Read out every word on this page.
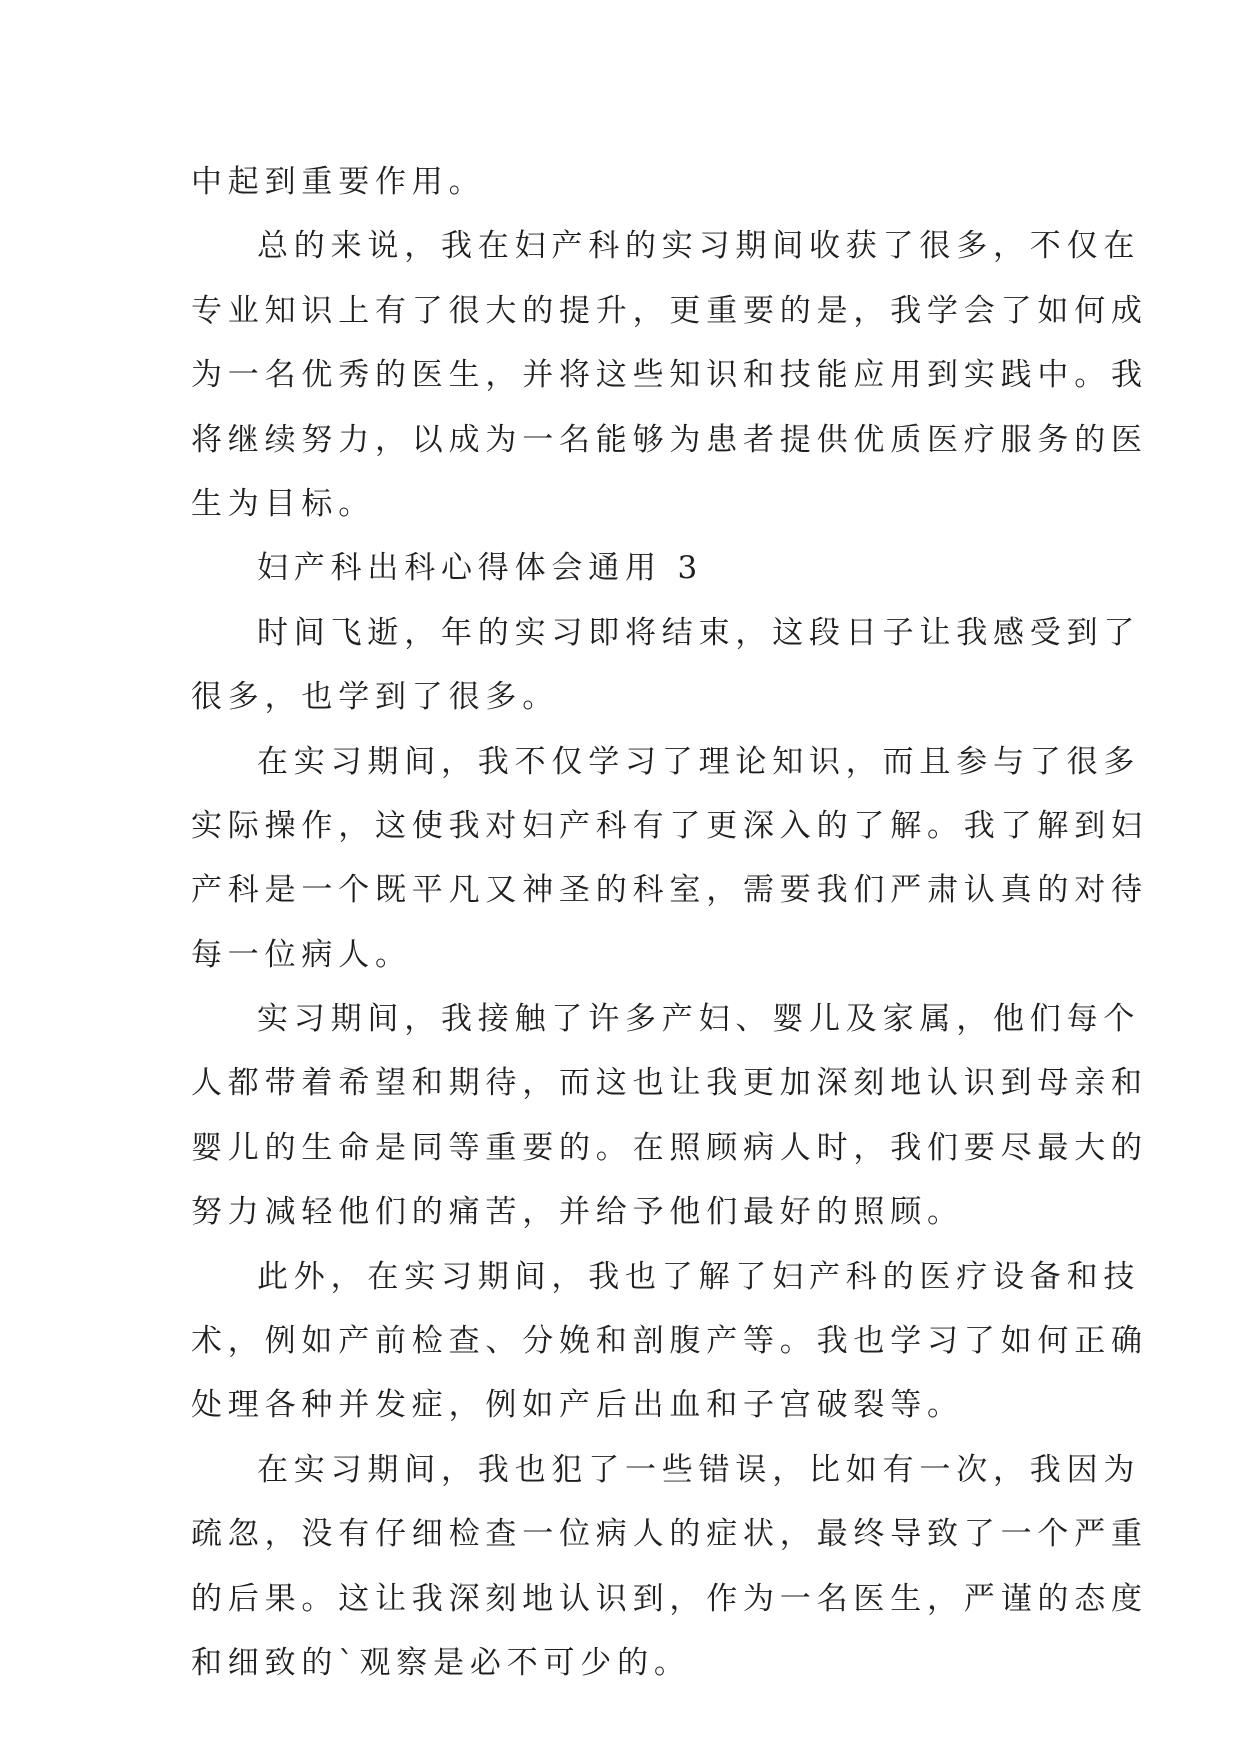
中起到重要作用。
总的来说，我在妇产科的实习期间收获了很多，不仅在
专业知识上有了很大的提升，更重要的是，我学会了如何成
为一名优秀的医生，并将这些知识和技能应用到实践中。我
将继续努力，以成为一名能够为患者提供优质医疗服务的医
生为目标。
妇产科出科心得体会通用 3
时间飞逝，年的实习即将结束，这段日子让我感受到了
很多，也学到了很多。
在实习期间，我不仅学习了理论知识，而且参与了很多
实际操作，这使我对妇产科有了更深入的了解。我了解到妇
产科是一个既平凡又神圣的科室，需要我们严肃认真的对待
每一位病人。
实习期间，我接触了许多产妇、婴儿及家属，他们每个
人都带着希望和期待，而这也让我更加深刻地认识到母亲和
婴儿的生命是同等重要的。在照顾病人时，我们要尽最大的
努力减轻他们的痛苦，并给予他们最好的照顾。
此外，在实习期间，我也了解了妇产科的医疗设备和技
术，例如产前检查、分娩和剖腹产等。我也学习了如何正确
处理各种并发症，例如产后出血和子宫破裂等。
在实习期间，我也犯了一些错误，比如有一次，我因为
疏忽，没有仔细检查一位病人的症状，最终导致了一个严重
的后果。这让我深刻地认识到，作为一名医生，严谨的态度
和细致的`观察是必不可少的。
